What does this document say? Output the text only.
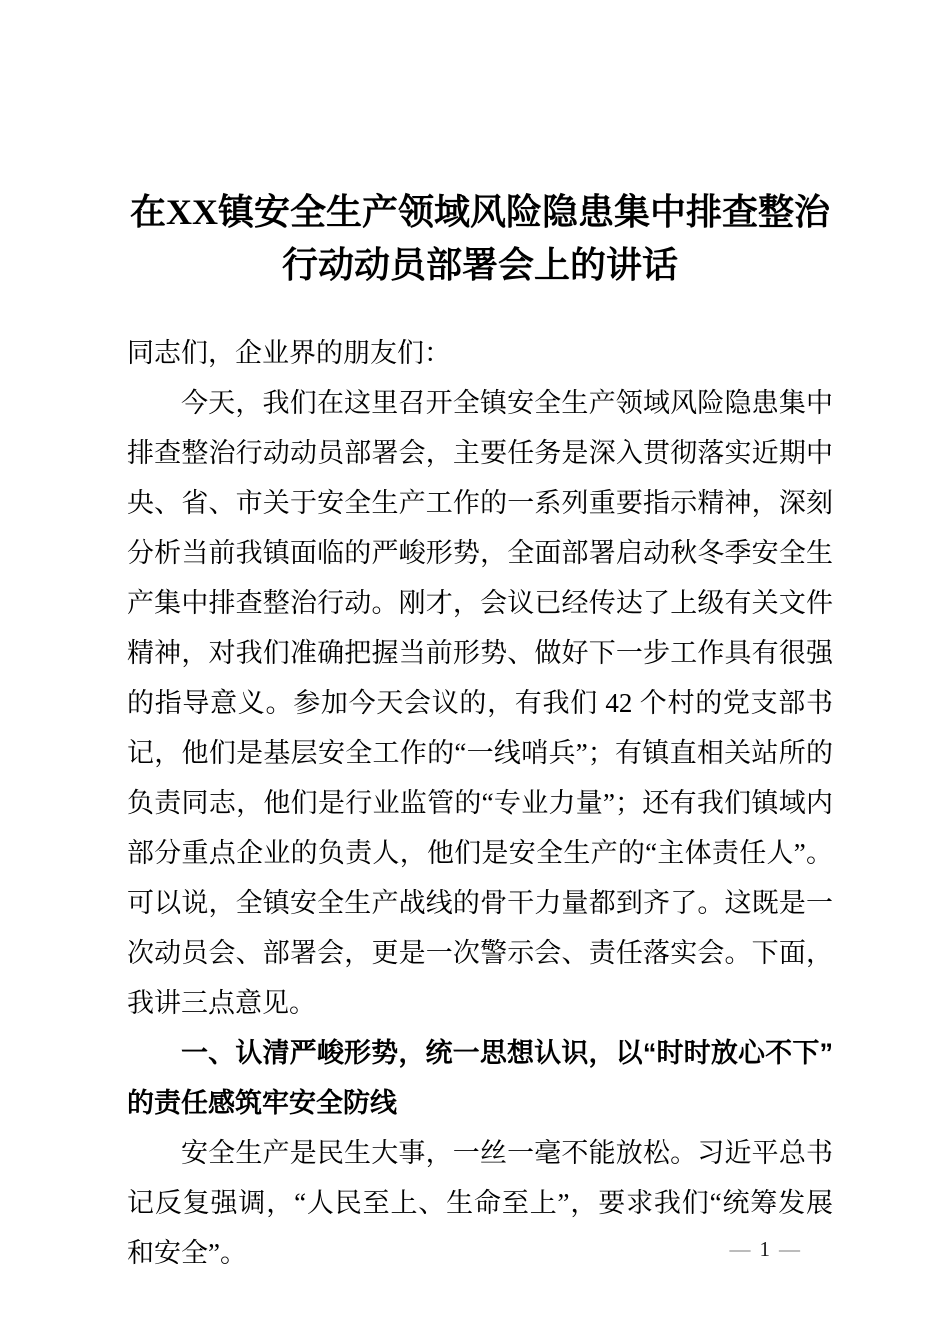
在XX镇安全生产领域风险隐患集中排查整治
行动动员部署会上的讲话

同志们，企业界的朋友们：

今天，我们在这里召开全镇安全生产领域风险隐患集中排查整治行动动员部署会，主要任务是深入贯彻落实近期中央、省、市关于安全生产工作的一系列重要指示精神，深刻分析当前我镇面临的严峻形势，全面部署启动秋冬季安全生产集中排查整治行动。刚才，会议已经传达了上级有关文件精神，对我们准确把握当前形势、做好下一步工作具有很强的指导意义。参加今天会议的，有我们 42 个村的党支部书记，他们是基层安全工作的“一线哨兵”；有镇直相关站所的负责同志，他们是行业监管的“专业力量”；还有我们镇域内部分重点企业的负责人，他们是安全生产的“主体责任人”。可以说，全镇安全生产战线的骨干力量都到齐了。这既是一次动员会、部署会，更是一次警示会、责任落实会。下面，我讲三点意见。

一、认清严峻形势，统一思想认识，以“时时放心不下”的责任感筑牢安全防线

安全生产是民生大事，一丝一毫不能放松。习近平总书记反复强调，“人民至上、生命至上”，要求我们“统筹发展和安全”。	— 1 —
